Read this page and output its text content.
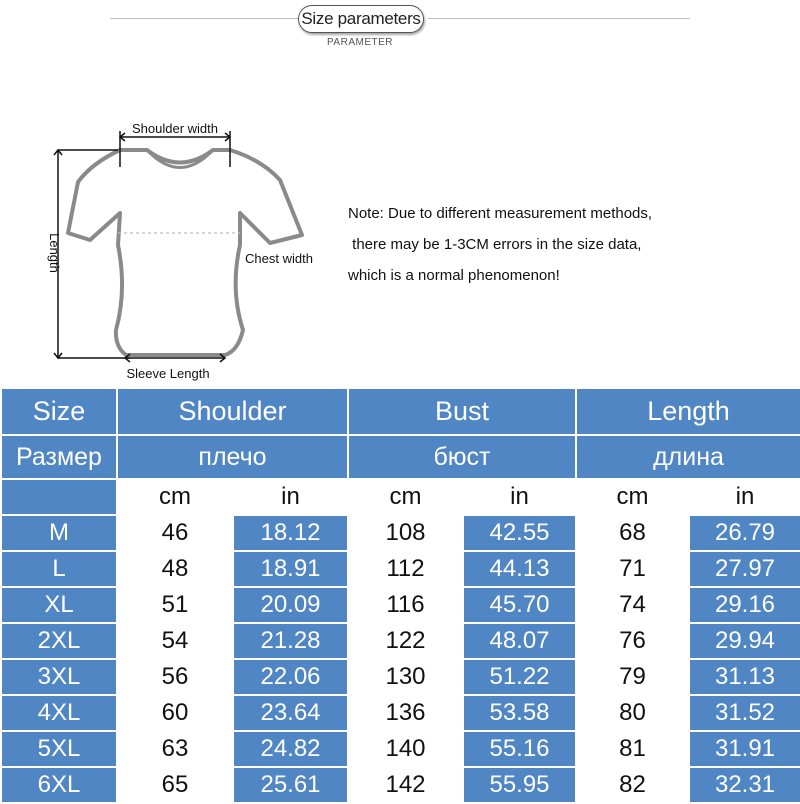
Size parameters
PARAMETER
Shoulder width
Chest width
Length
Sleeve Length
Note: Due to different measurement methods,
there may be 1-3CM errors in the size data,
which is a normal phenomenon!
Size	Shoulder		Bust		Length	
Размер	плечо		бюст		длина	
	cm	in	cm	in	cm	in
M	46	18.12	108	42.55	68	26.79
L	48	18.91	112	44.13	71	27.97
XL	51	20.09	116	45.70	74	29.16
2XL	54	21.28	122	48.07	76	29.94
3XL	56	22.06	130	51.22	79	31.13
4XL	60	23.64	136	53.58	80	31.52
5XL	63	24.82	140	55.16	81	31.91
6XL	65	25.61	142	55.95	82	32.31
